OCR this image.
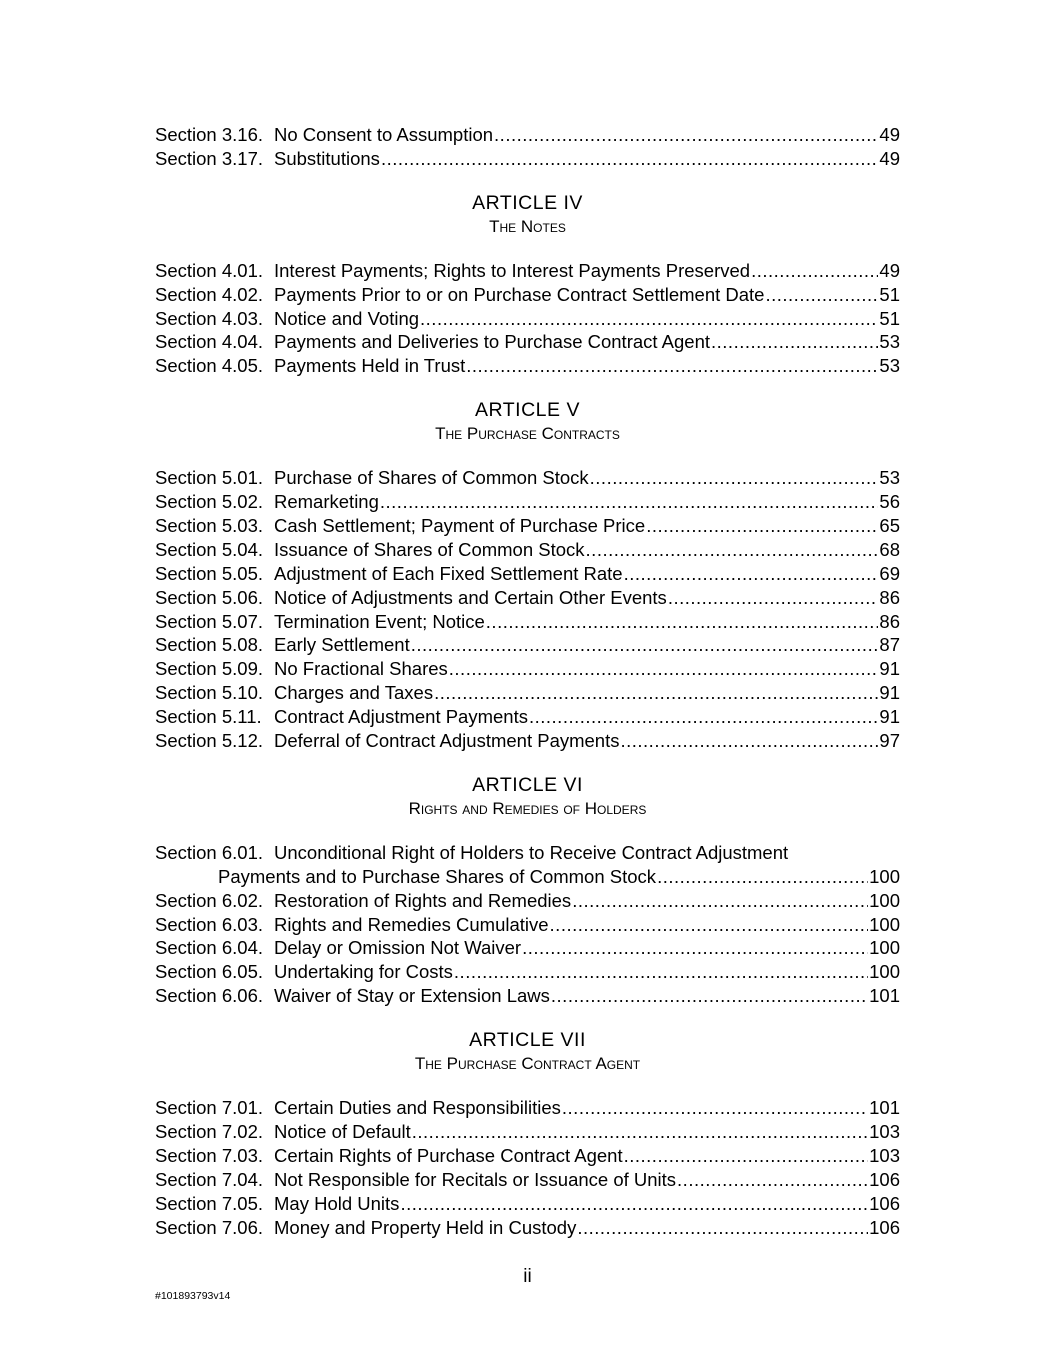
Section 3.16. No Consent to Assumption .....	49
Section 3.17. Substitutions .....	49
ARTICLE IV
The Notes
Section 4.01. Interest Payments; Rights to Interest Payments Preserved .....	49
Section 4.02. Payments Prior to or on Purchase Contract Settlement Date .....	51
Section 4.03. Notice and Voting .....	51
Section 4.04. Payments and Deliveries to Purchase Contract Agent .....	53
Section 4.05. Payments Held in Trust .....	53
ARTICLE V
The Purchase Contracts
Section 5.01. Purchase of Shares of Common Stock .....	53
Section 5.02. Remarketing .....	56
Section 5.03. Cash Settlement; Payment of Purchase Price .....	65
Section 5.04. Issuance of Shares of Common Stock .....	68
Section 5.05. Adjustment of Each Fixed Settlement Rate .....	69
Section 5.06. Notice of Adjustments and Certain Other Events .....	86
Section 5.07. Termination Event; Notice .....	86
Section 5.08. Early Settlement .....	87
Section 5.09. No Fractional Shares .....	91
Section 5.10. Charges and Taxes .....	91
Section 5.11. Contract Adjustment Payments .....	91
Section 5.12. Deferral of Contract Adjustment Payments .....	97
ARTICLE VI
Rights and Remedies of Holders
Section 6.01. Unconditional Right of Holders to Receive Contract Adjustment
Payments and to Purchase Shares of Common Stock .....	100
Section 6.02. Restoration of Rights and Remedies .....	100
Section 6.03. Rights and Remedies Cumulative .....	100
Section 6.04. Delay or Omission Not Waiver .....	100
Section 6.05. Undertaking for Costs .....	100
Section 6.06. Waiver of Stay or Extension Laws .....	101
ARTICLE VII
The Purchase Contract Agent
Section 7.01. Certain Duties and Responsibilities .....	101
Section 7.02. Notice of Default .....	103
Section 7.03. Certain Rights of Purchase Contract Agent .....	103
Section 7.04. Not Responsible for Recitals or Issuance of Units .....	106
Section 7.05. May Hold Units .....	106
Section 7.06. Money and Property Held in Custody .....	106
ii
#101893793v14
